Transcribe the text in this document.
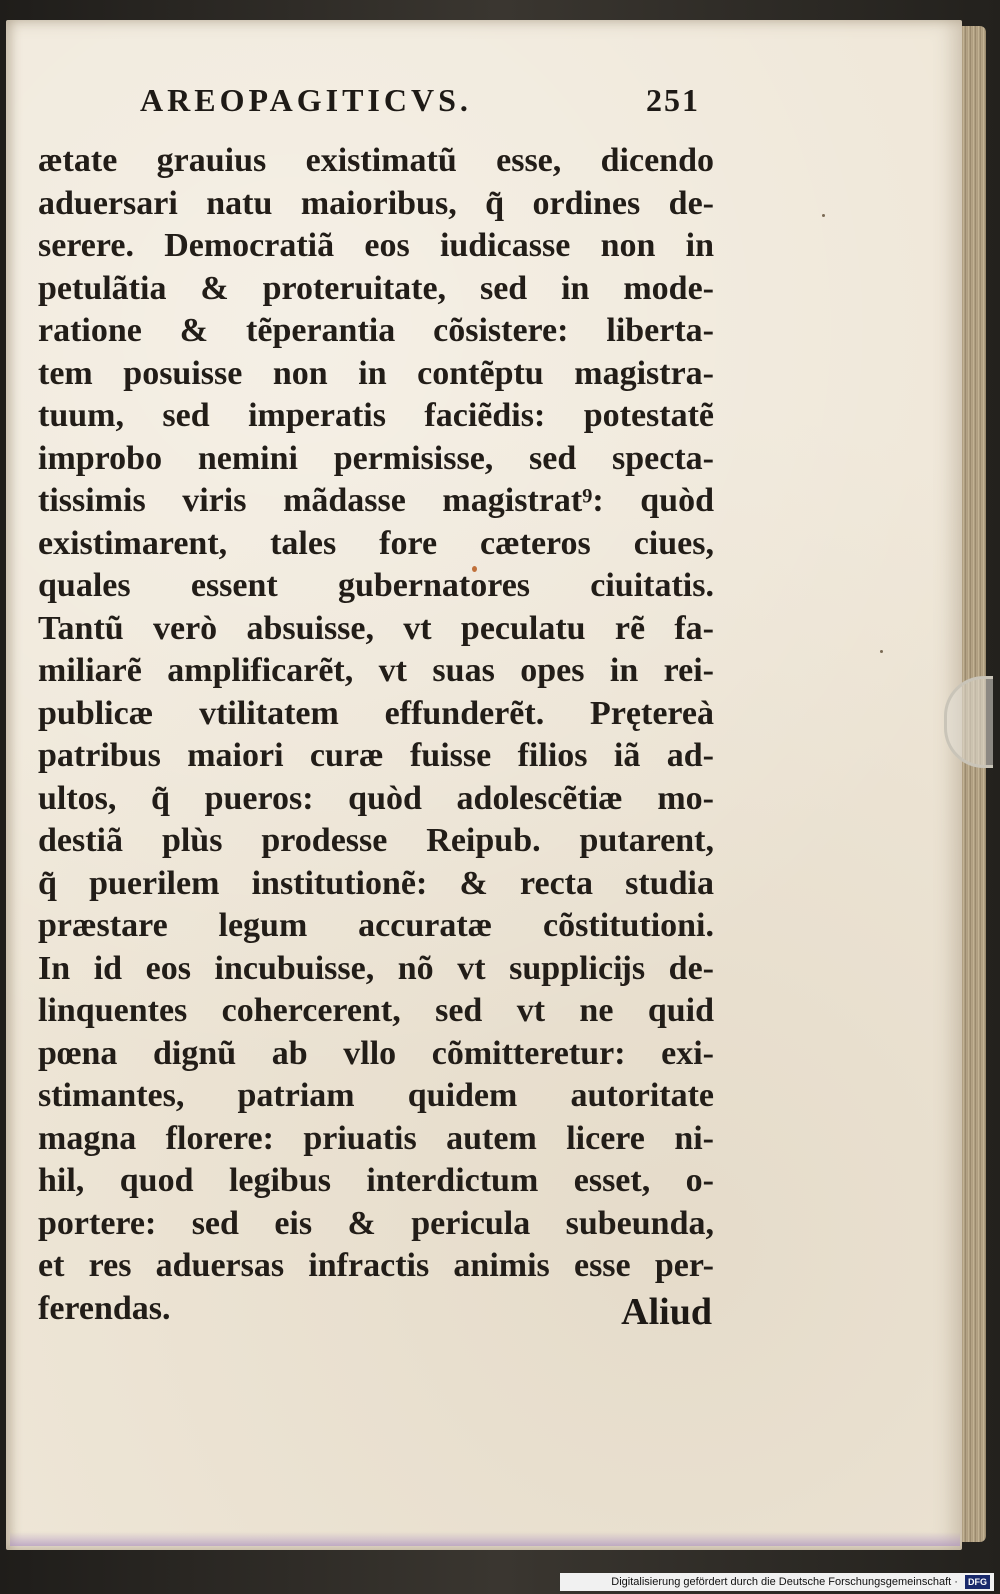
AREOPAGITICVS.	251
ætate grauius existimatũ esse, dicendo
aduersari natu maioribus, q̃ ordines de-
serere. Democratiã eos iudicasse non in
petulãtia & proteruitate, sed in mode-
ratione & tẽperantia cõsistere: liberta-
tem posuisse non in contẽptu magistra-
tuum, sed imperatis faciẽdis: potestatẽ
improbo nemini permisisse, sed specta-
tissimis viris mãdasse magistrat⁹: quòd
existimarent, tales fore cæteros ciues,
quales essent gubernatores ciuitatis.
Tantũ verò absuisse, vt peculatu rẽ fa-
miliarẽ amplificarẽt, vt suas opes in rei-
publicæ vtilitatem effunderẽt. Prętereà
patribus maiori curæ fuisse filios iã ad-
ultos, q̃ pueros: quòd adolescẽtiæ mo-
destiã plùs prodesse Reipub. putarent,
q̃ puerilem institutionẽ: & recta studia
præstare legum accuratæ cõstitutioni.
In id eos incubuisse, nõ vt supplicĳs de-
linquentes cohercerent, sed vt ne quid
pœna dignũ ab vllo cõmitteretur: exi-
stimantes, patriam quidem autoritate
magna florere: priuatis autem licere ni-
hil, quod legibus interdictum esset, o-
portere: sed eis & pericula subeunda,
et res aduersas infractis animis esse per-
ferendas.	Aliud
Digitalisierung gefördert durch die Deutsche Forschungsgemeinschaft · DFG
